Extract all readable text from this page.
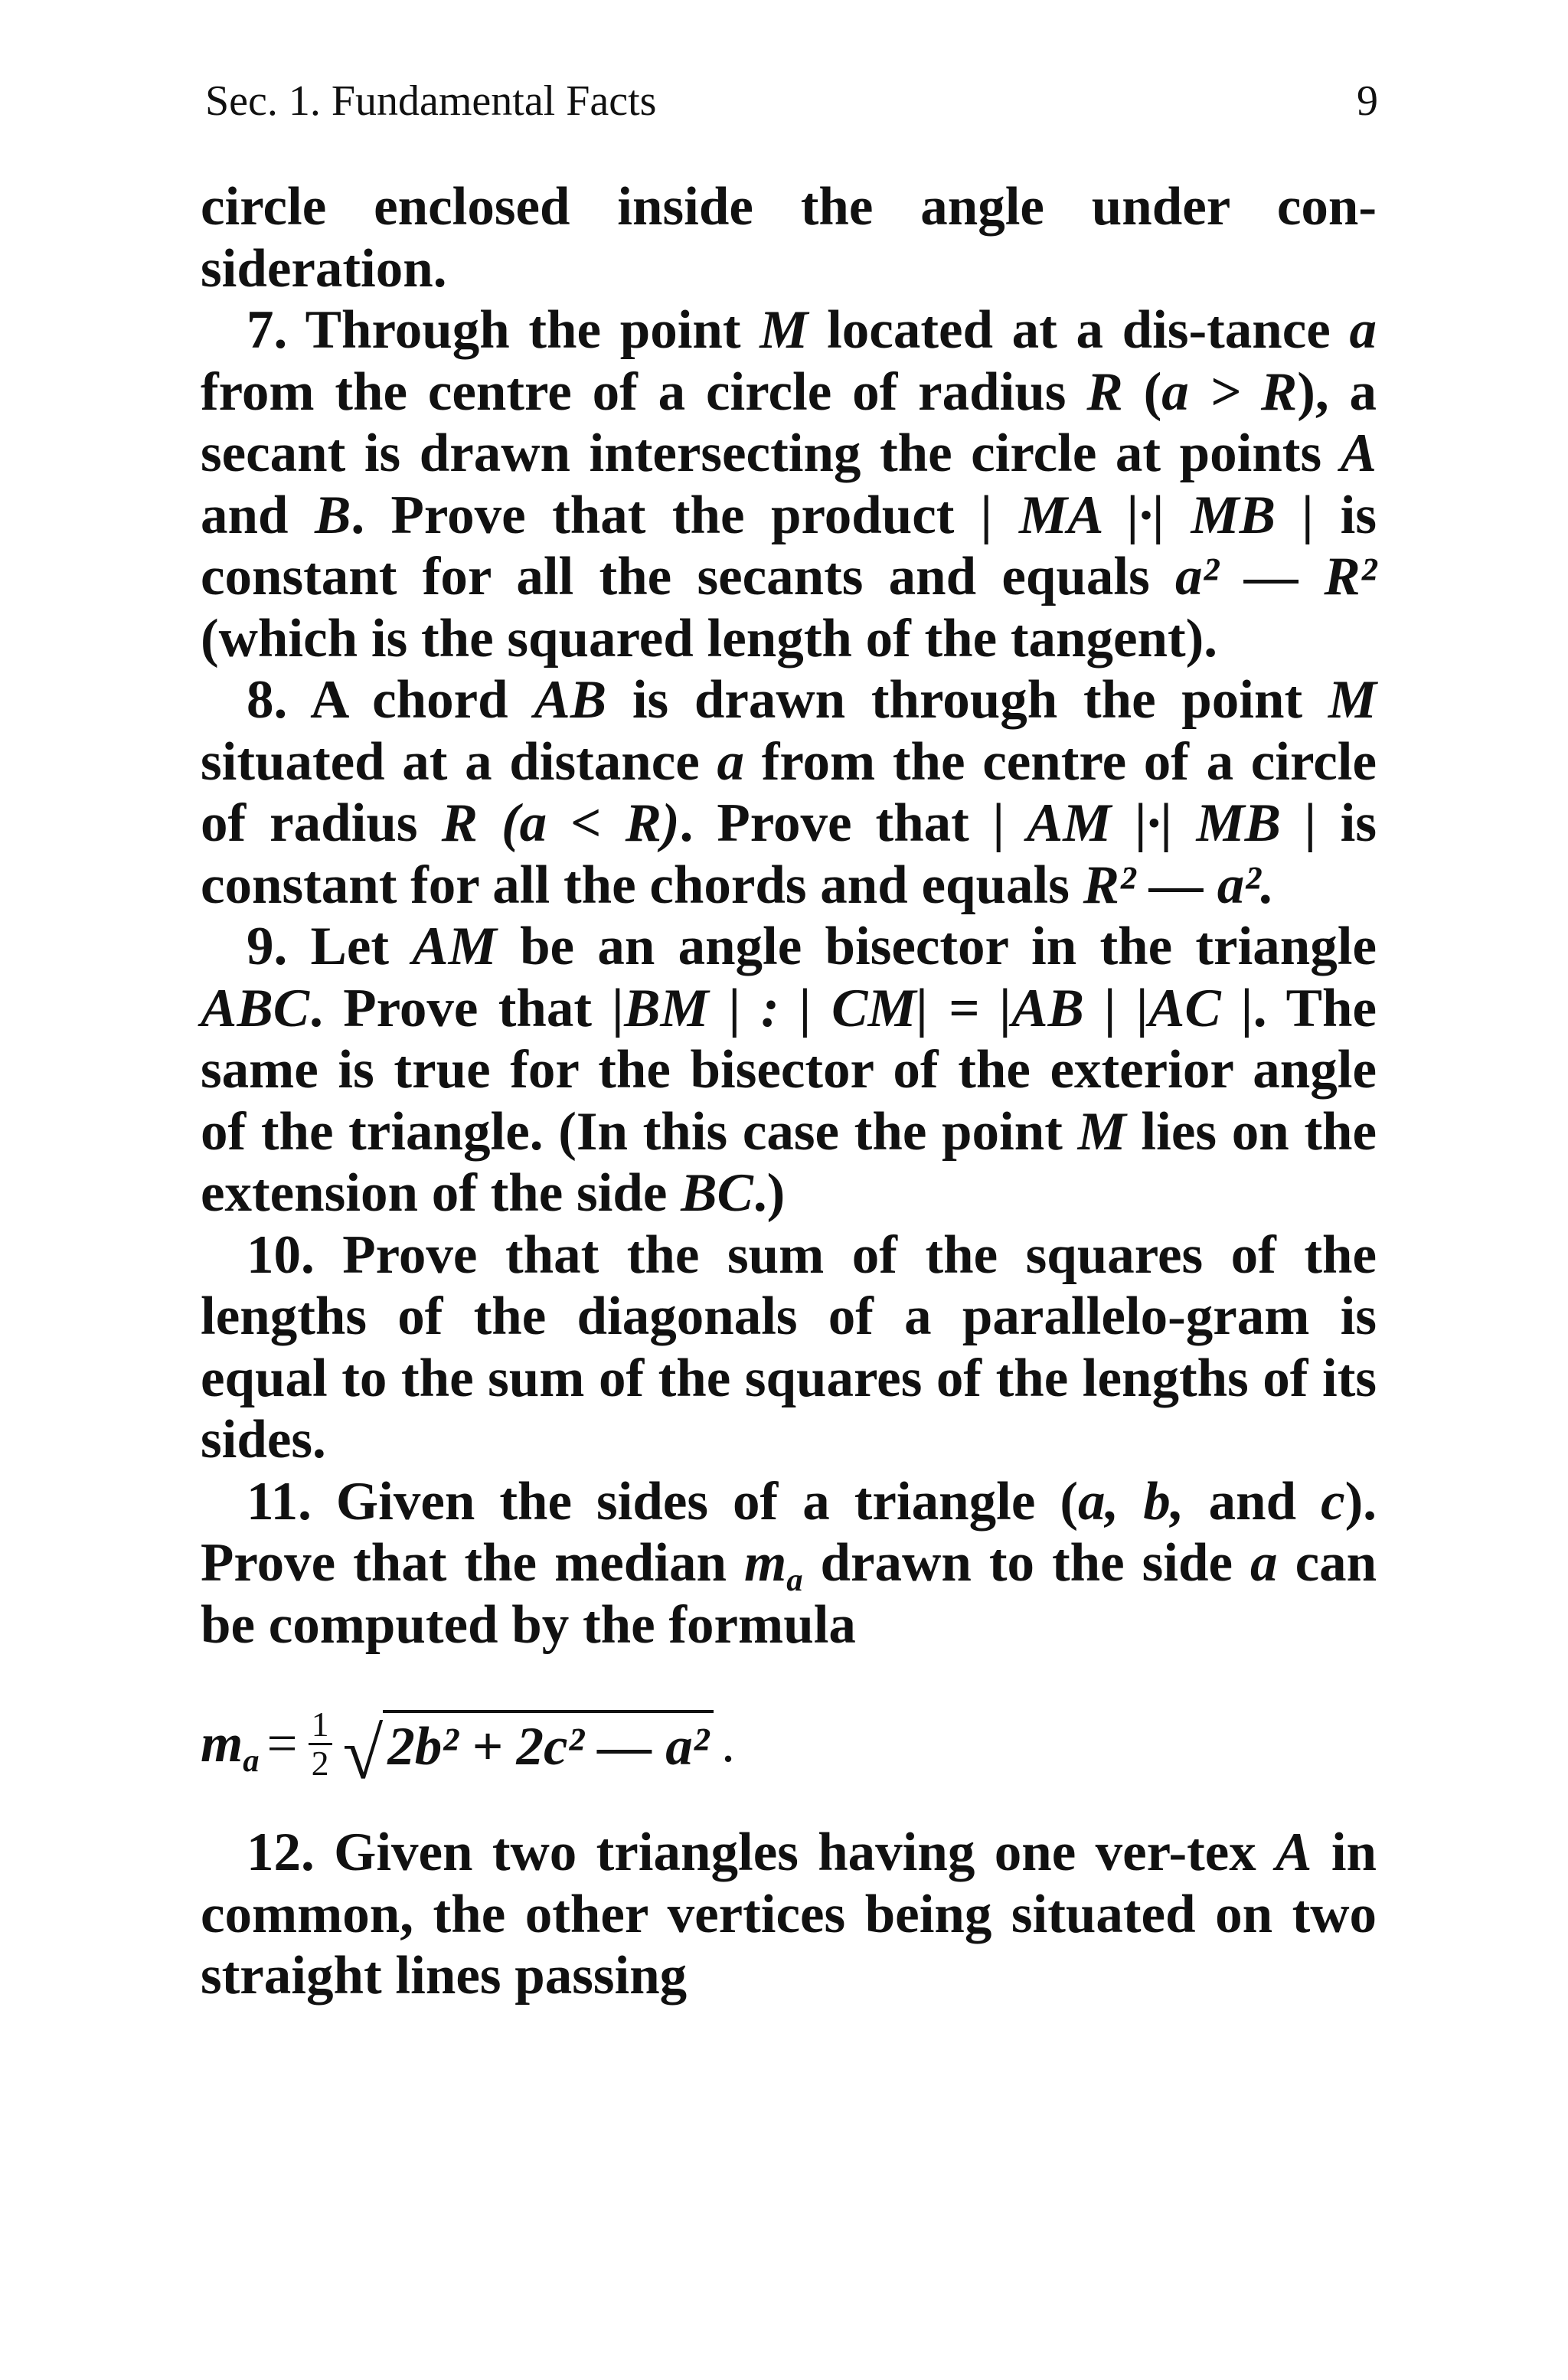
Sec. 1. Fundamental Facts	9

circle enclosed inside the angle under con- sideration.

7. Through the point M located at a dis-tance a from the centre of a circle of radius R (a > R), a secant is drawn intersecting the circle at points A and B. Prove that the product | MA |·| MB | is constant for all the secants and equals a² — R² (which is the squared length of the tangent).

8. A chord AB is drawn through the point M situated at a distance a from the centre of a circle of radius R (a < R). Prove that | AM |·| MB | is constant for all the chords and equals R² — a².

9. Let AM be an angle bisector in the triangle ABC. Prove that |BM | : | CM| = |AB | |AC |. The same is true for the bisector of the exterior angle of the triangle. (In this case the point M lies on the extension of the side BC.)

10. Prove that the sum of the squares of the lengths of the diagonals of a parallelo-gram is equal to the sum of the squares of the lengths of its sides.

11. Given the sides of a triangle (a, b, and c). Prove that the median $m_a$ drawn to the side a can be computed by the formula

$m_a = \frac{1}{2}$ √ 2b² + 2c² — a² .

12. Given two triangles having one ver-tex A in common, the other vertices being situated on two straight lines passing
